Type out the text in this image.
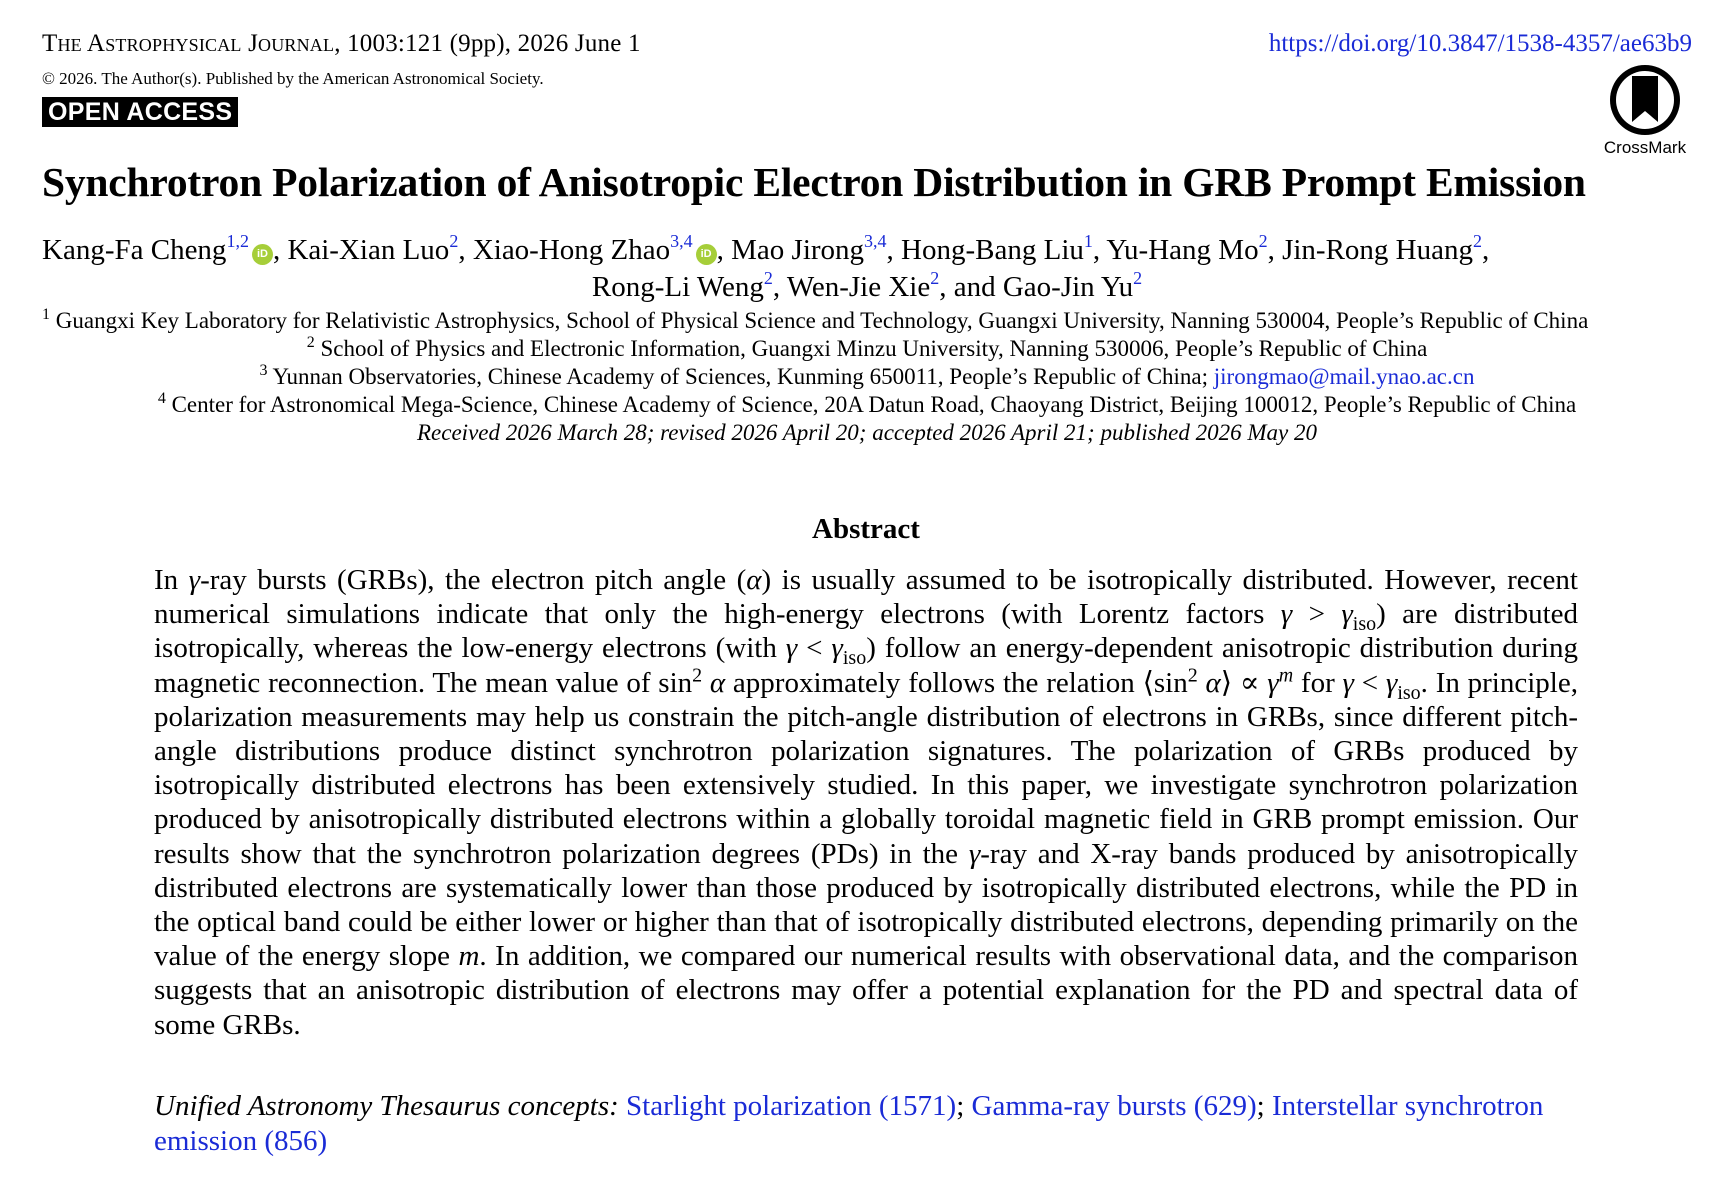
The Astrophysical Journal, 1003:121 (9pp), 2026 June 1
© 2026. The Author(s). Published by the American Astronomical Society.
OPEN ACCESS
https://doi.org/10.3847/1538-4357/ae63b9
CrossMark
Synchrotron Polarization of Anisotropic Electron Distribution in GRB Prompt Emission
Kang-Fa Cheng$^{1,2}$iD , Kai-Xian Luo$^2$, Xiao-Hong Zhao$^{3,4}$iD , Mao Jirong$^{3,4}$, Hong-Bang Liu$^1$, Yu-Hang Mo$^2$, Jin-Rong Huang$^2$,
Rong-Li Weng$^2$, Wen-Jie Xie$^2$, and Gao-Jin Yu$^2$
$^1$ Guangxi Key Laboratory for Relativistic Astrophysics, School of Physical Science and Technology, Guangxi University, Nanning 530004, People’s Republic of China
$^2$ School of Physics and Electronic Information, Guangxi Minzu University, Nanning 530006, People’s Republic of China
$^3$ Yunnan Observatories, Chinese Academy of Sciences, Kunming 650011, People’s Republic of China; jirongmao@mail.ynao.ac.cn
$^4$ Center for Astronomical Mega-Science, Chinese Academy of Science, 20A Datun Road, Chaoyang District, Beijing 100012, People’s Republic of China
Received 2026 March 28; revised 2026 April 20; accepted 2026 April 21; published 2026 May 20
Abstract
In γ-ray bursts (GRBs), the electron pitch angle (α) is usually assumed to be isotropically distributed. However, recent numerical simulations indicate that only the high-energy electrons (with Lorentz factors $\gamma > \gamma_{iso}$) are distributed isotropically, whereas the low-energy electrons (with $\gamma < \gamma_{iso}$) follow an energy-dependent anisotropic distribution during magnetic reconnection. The mean value of $\sin^2 \alpha$ approximately follows the relation $⟨\sin^2$ α⟩ ∝ $\gamma^m$ for $\gamma < \gamma_{iso}$. In principle, polarization measurements may help us constrain the pitch-angle distribution of electrons in GRBs, since different pitch-angle distributions produce distinct synchrotron polarization signatures. The polarization of GRBs produced by isotropically distributed electrons has been extensively studied. In this paper, we investigate synchrotron polarization produced by anisotropically distributed electrons within a globally toroidal magnetic field in GRB prompt emission. Our results show that the synchrotron polarization degrees (PDs) in the γ-ray and X-ray bands produced by anisotropically distributed electrons are systematically lower than those produced by isotropically distributed electrons, while the PD in the optical band could be either lower or higher than that of isotropically distributed electrons, depending primarily on the value of the energy slope m. In addition, we compared our numerical results with observational data, and the comparison suggests that an anisotropic distribution of electrons may offer a potential explanation for the PD and spectral data of some GRBs.
Unified Astronomy Thesaurus concepts: Starlight polarization (1571); Gamma-ray bursts (629); Interstellar synchrotron emission (856)
